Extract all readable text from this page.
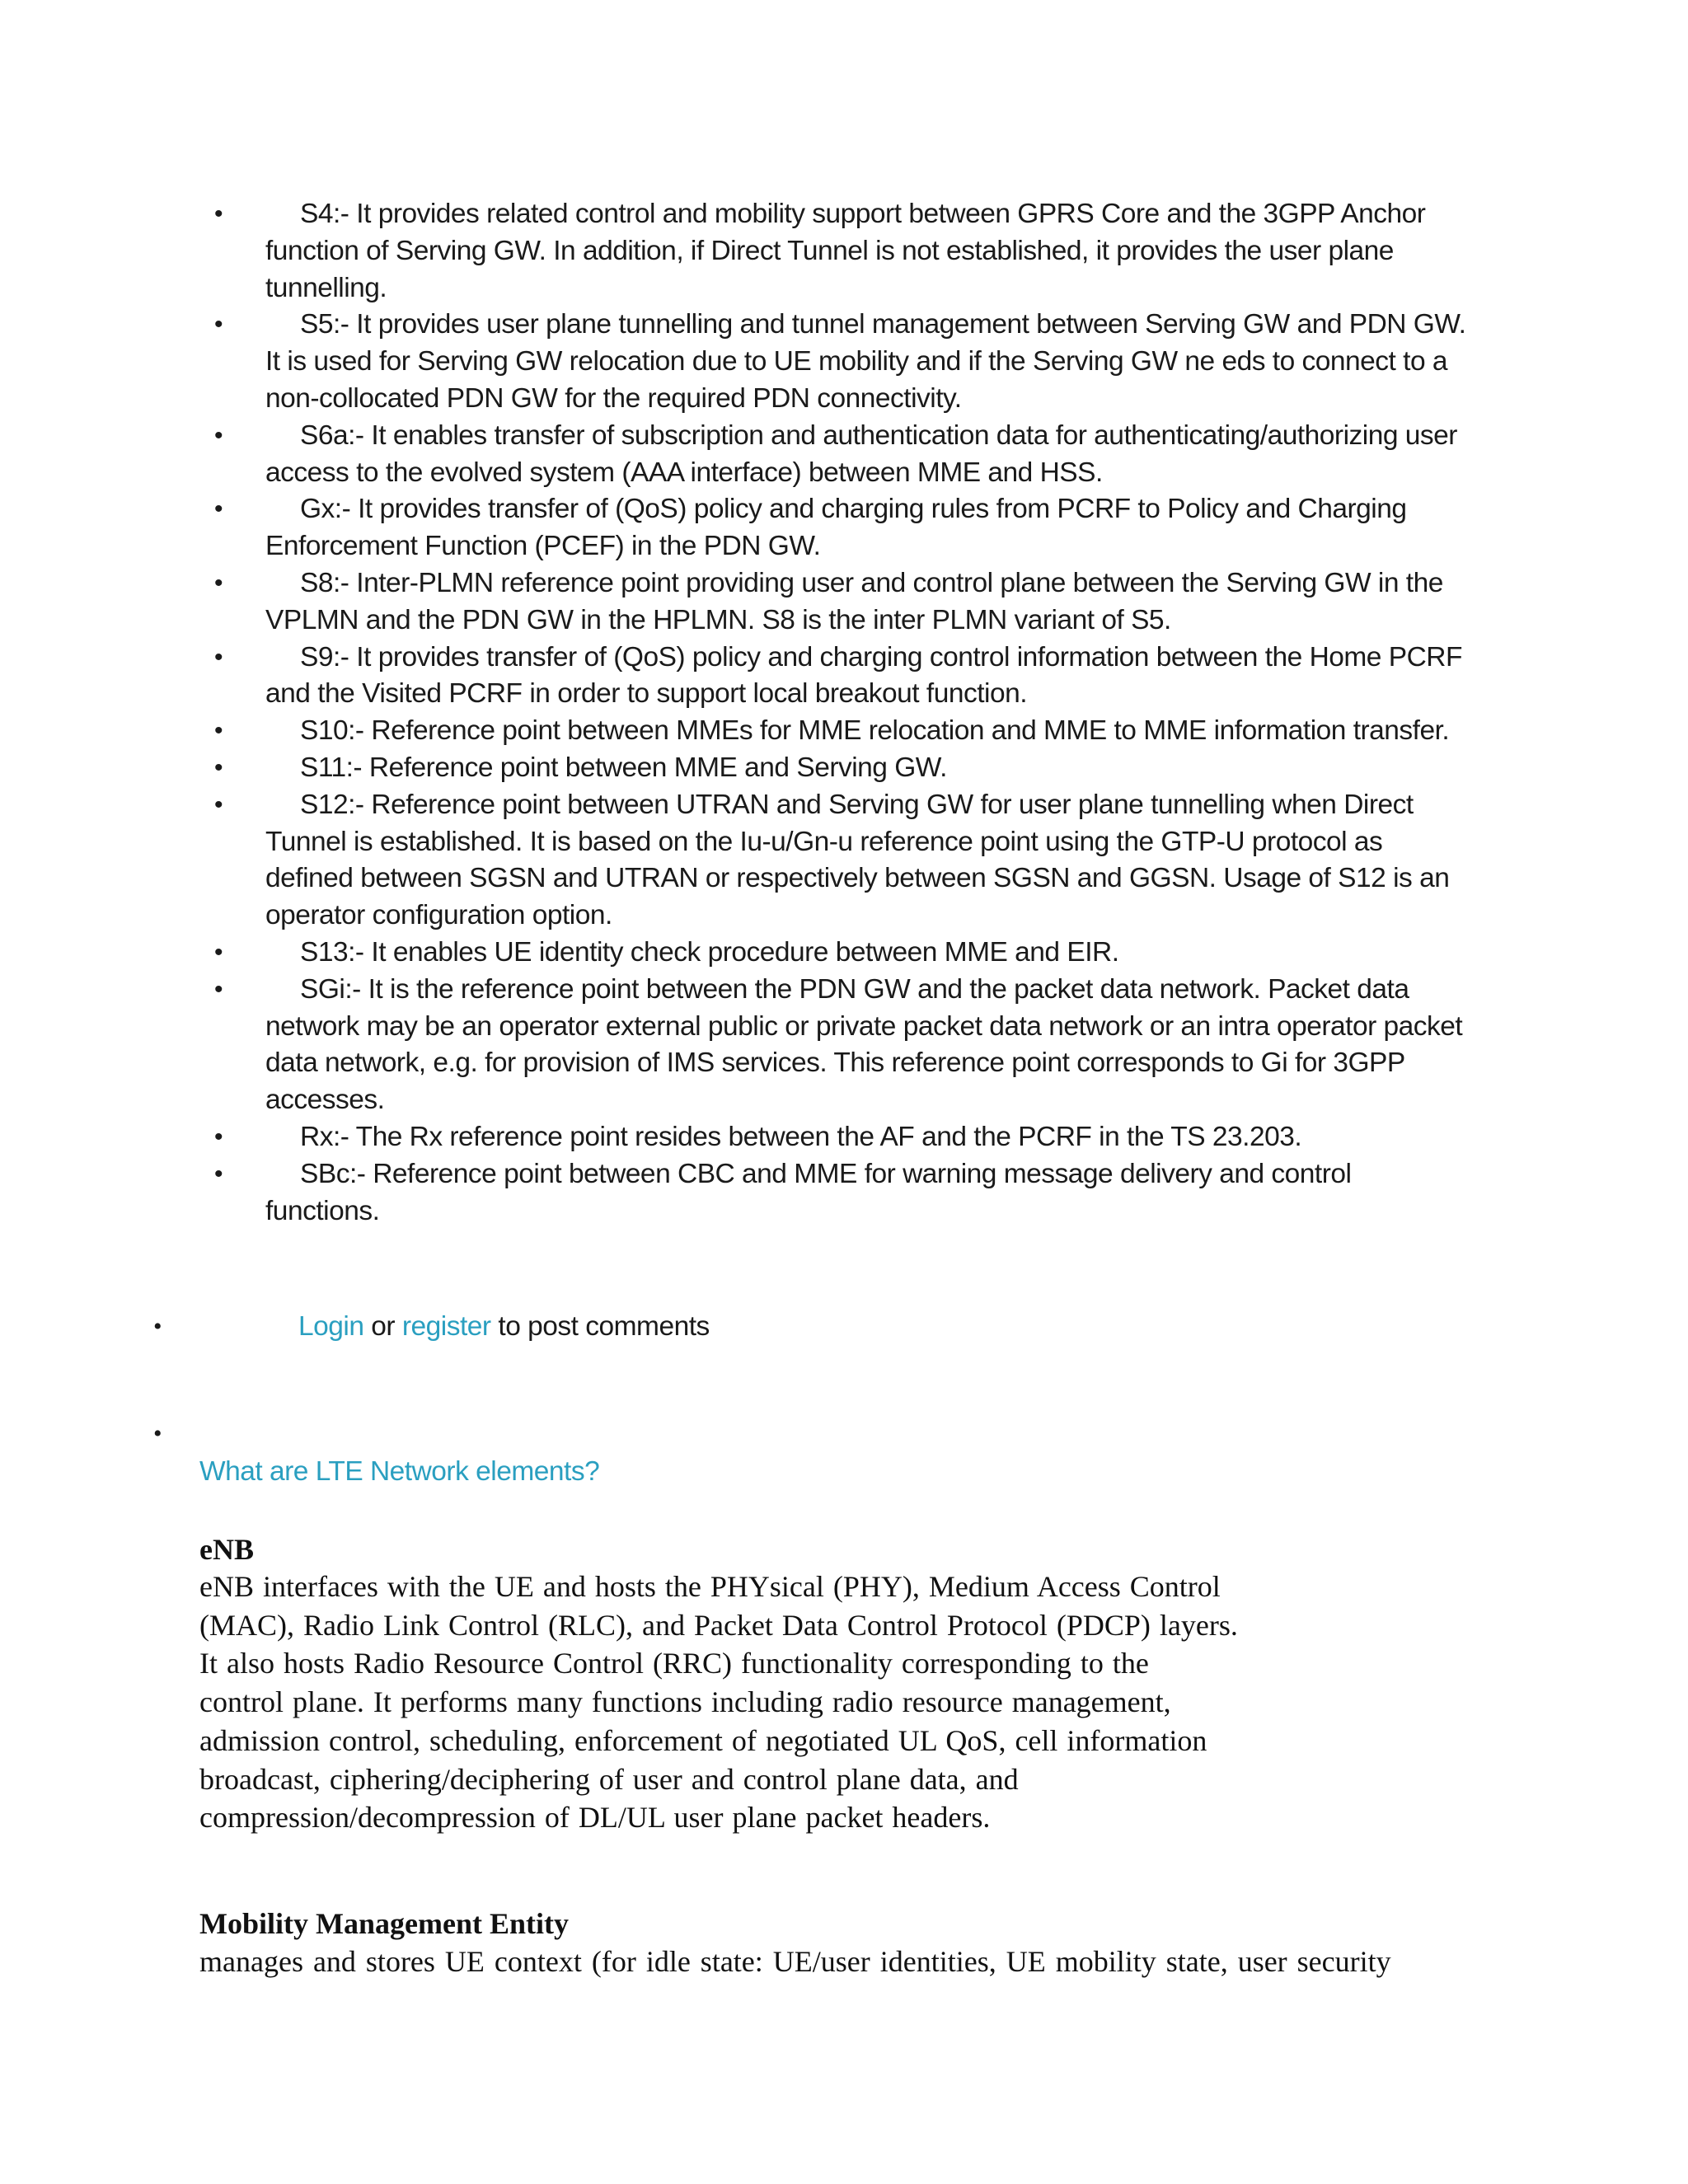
•	S4:- It provides related control and mobility support between GPRS Core and the 3GPP Anchor function of Serving GW. In addition, if Direct Tunnel is not established, it provides the user plane tunnelling.
•	S5:- It provides user plane tunnelling and tunnel management between Serving GW and PDN GW. It is used for Serving GW relocation due to UE mobility and if the Serving GW ne eds to connect to a non-collocated PDN GW for the required PDN connectivity.
•	S6a:- It enables transfer of subscription and authentication data for authenticating/authorizing user access to the evolved system (AAA interface) between MME and HSS.
•	Gx:- It provides transfer of (QoS) policy and charging rules from PCRF to Policy and Charging Enforcement Function (PCEF) in the PDN GW.
•	S8:- Inter-PLMN reference point providing user and control plane between the Serving GW in the VPLMN and the PDN GW in the HPLMN. S8 is the inter PLMN variant of S5.
•	S9:- It provides transfer of (QoS) policy and charging control information between the Home PCRF and the Visited PCRF in order to support local breakout function.
•	S10:- Reference point between MMEs for MME relocation and MME to MME information transfer.
•	S11:- Reference point between MME and Serving GW.
•	S12:- Reference point between UTRAN and Serving GW for user plane tunnelling when Direct Tunnel is established. It is based on the Iu-u/Gn-u reference point using the GTP-U protocol as defined between SGSN and UTRAN or respectively between SGSN and GGSN. Usage of S12 is an operator configuration option.
•	S13:- It enables UE identity check procedure between MME and EIR.
•	SGi:- It is the reference point between the PDN GW and the packet data network. Packet data network may be an operator external public or private packet data network or an intra operator packet data network, e.g. for provision of IMS services. This reference point corresponds to Gi for 3GPP accesses.
•	Rx:- The Rx reference point resides between the AF and the PCRF in the TS 23.203.
•	SBc:- Reference point between CBC and MME for warning message delivery and control functions.
•	Login or register to post comments
•
What are LTE Network elements?
eNB

eNB interfaces with the UE and hosts the PHYsical (PHY), Medium Access Control (MAC), Radio Link Control (RLC), and Packet Data Control Protocol (PDCP) layers. It also hosts Radio Resource Control (RRC) functionality corresponding to the control plane. It performs many functions including radio resource management, admission control, scheduling, enforcement of negotiated UL QoS, cell information broadcast, ciphering/deciphering of user and control plane data, and compression/decompression of DL/UL user plane packet headers.

Mobility Management Entity

manages and stores UE context (for idle state: UE/user identities, UE mobility state, user security
